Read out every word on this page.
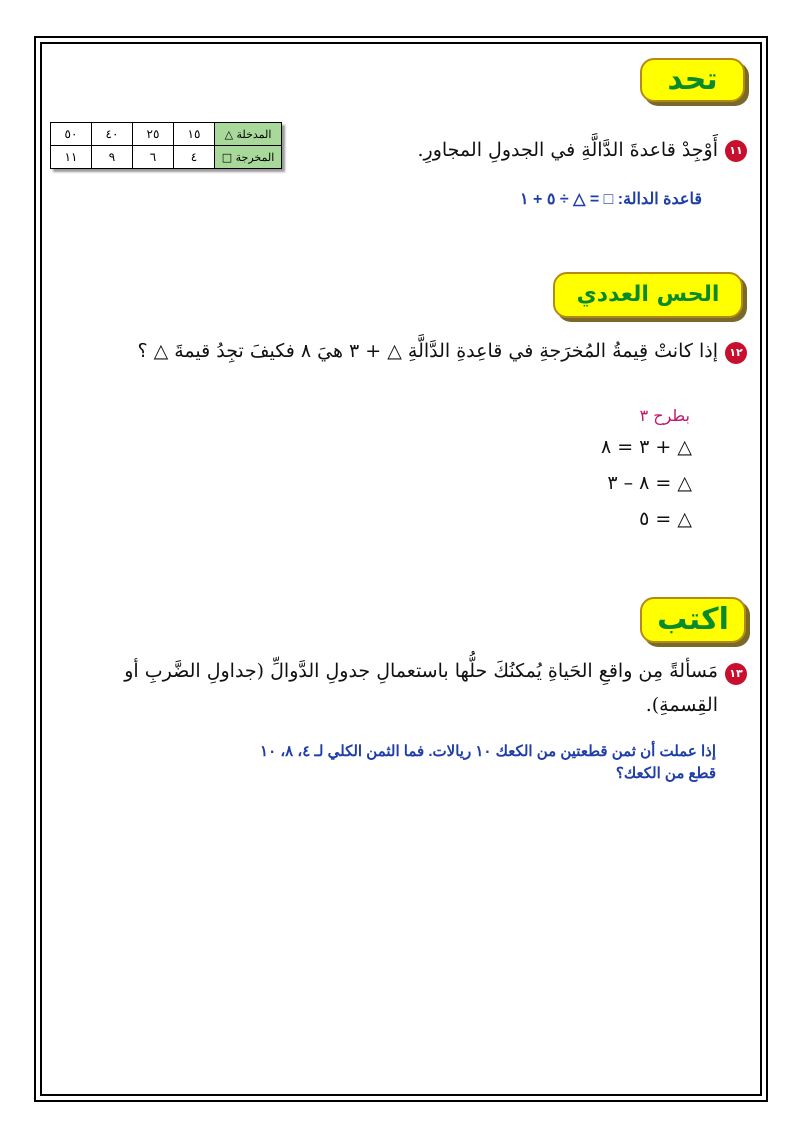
تحد
١١
أَوْجِدْ قاعدةَ الدَّالَّةِ في الجدولِ المجاورِ.
المدخلة △	١٥	٢٥	٤٠	٥٠
المخرجة □	٤	٦	٩	١١
قاعدة الدالة: □ = △ ÷ ٥ + ١
الحس العددي
١٢
إذا كانتْ قِيمةُ المُخرَجةِ في قاعِدةِ الدَّالَّةِ △ + ٣ هيَ ٨ فكيفَ تجِدُ قيمةَ △ ؟
بطرح ٣
△ + ٣ = ٨
△ = ٨ – ٣
△ = ٥
اكتب
١٣
مَسألةً مِن واقعِ الحَياةِ يُمكنُكَ حلُّها باستعمالِ جدولِ الدَّوالِّ (جداولِ الضَّربِ أو
القِسمةِ).
إذا عملت أن ثمن قطعتين من الكعك ١٠ ريالات. فما الثمن الكلي لـ ٤، ٨، ١٠
قطع من الكعك؟
